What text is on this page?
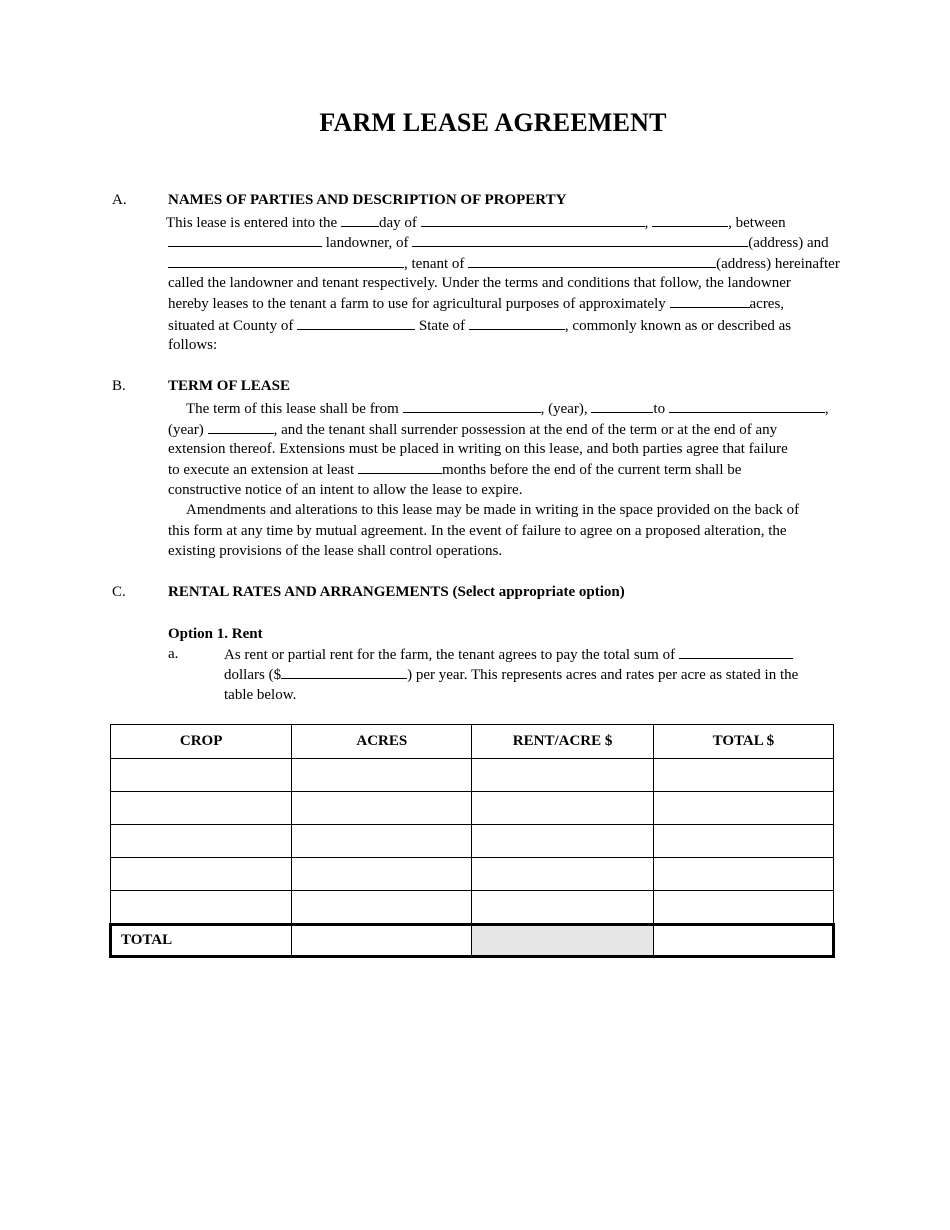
FARM LEASE AGREEMENT
A.	NAMES OF PARTIES AND DESCRIPTION OF PROPERTY
This lease is entered into the	day of	,	, between
landowner, of	(address) and
, tenant of	(address) hereinafter
called the landowner and tenant respectively. Under the terms and conditions that follow, the landowner
hereby leases to the tenant a farm to use for agricultural purposes of approximately	acres,
situated at County of	State of	, commonly known as or described as
follows:
B.	TERM OF LEASE
The term of this lease shall be from	, (year),	to	,
(year)	, and the tenant shall surrender possession at the end of the term or at the end of any
extension thereof. Extensions must be placed in writing on this lease, and both parties agree that failure
to execute an extension at least	months before the end of the current term shall be
constructive notice of an intent to allow the lease to expire.
Amendments and alterations to this lease may be made in writing in the space provided on the back of
this form at any time by mutual agreement. In the event of failure to agree on a proposed alteration, the
existing provisions of the lease shall control operations.
C.	RENTAL RATES AND ARRANGEMENTS (Select appropriate option)
Option 1. Rent
a.	As rent or partial rent for the farm, the tenant agrees to pay the total sum of
dollars ($	) per year. This represents acres and rates per acre as stated in the
table below.
CROP	ACRES	RENT/ACRE $	TOTAL $

TOTAL			
